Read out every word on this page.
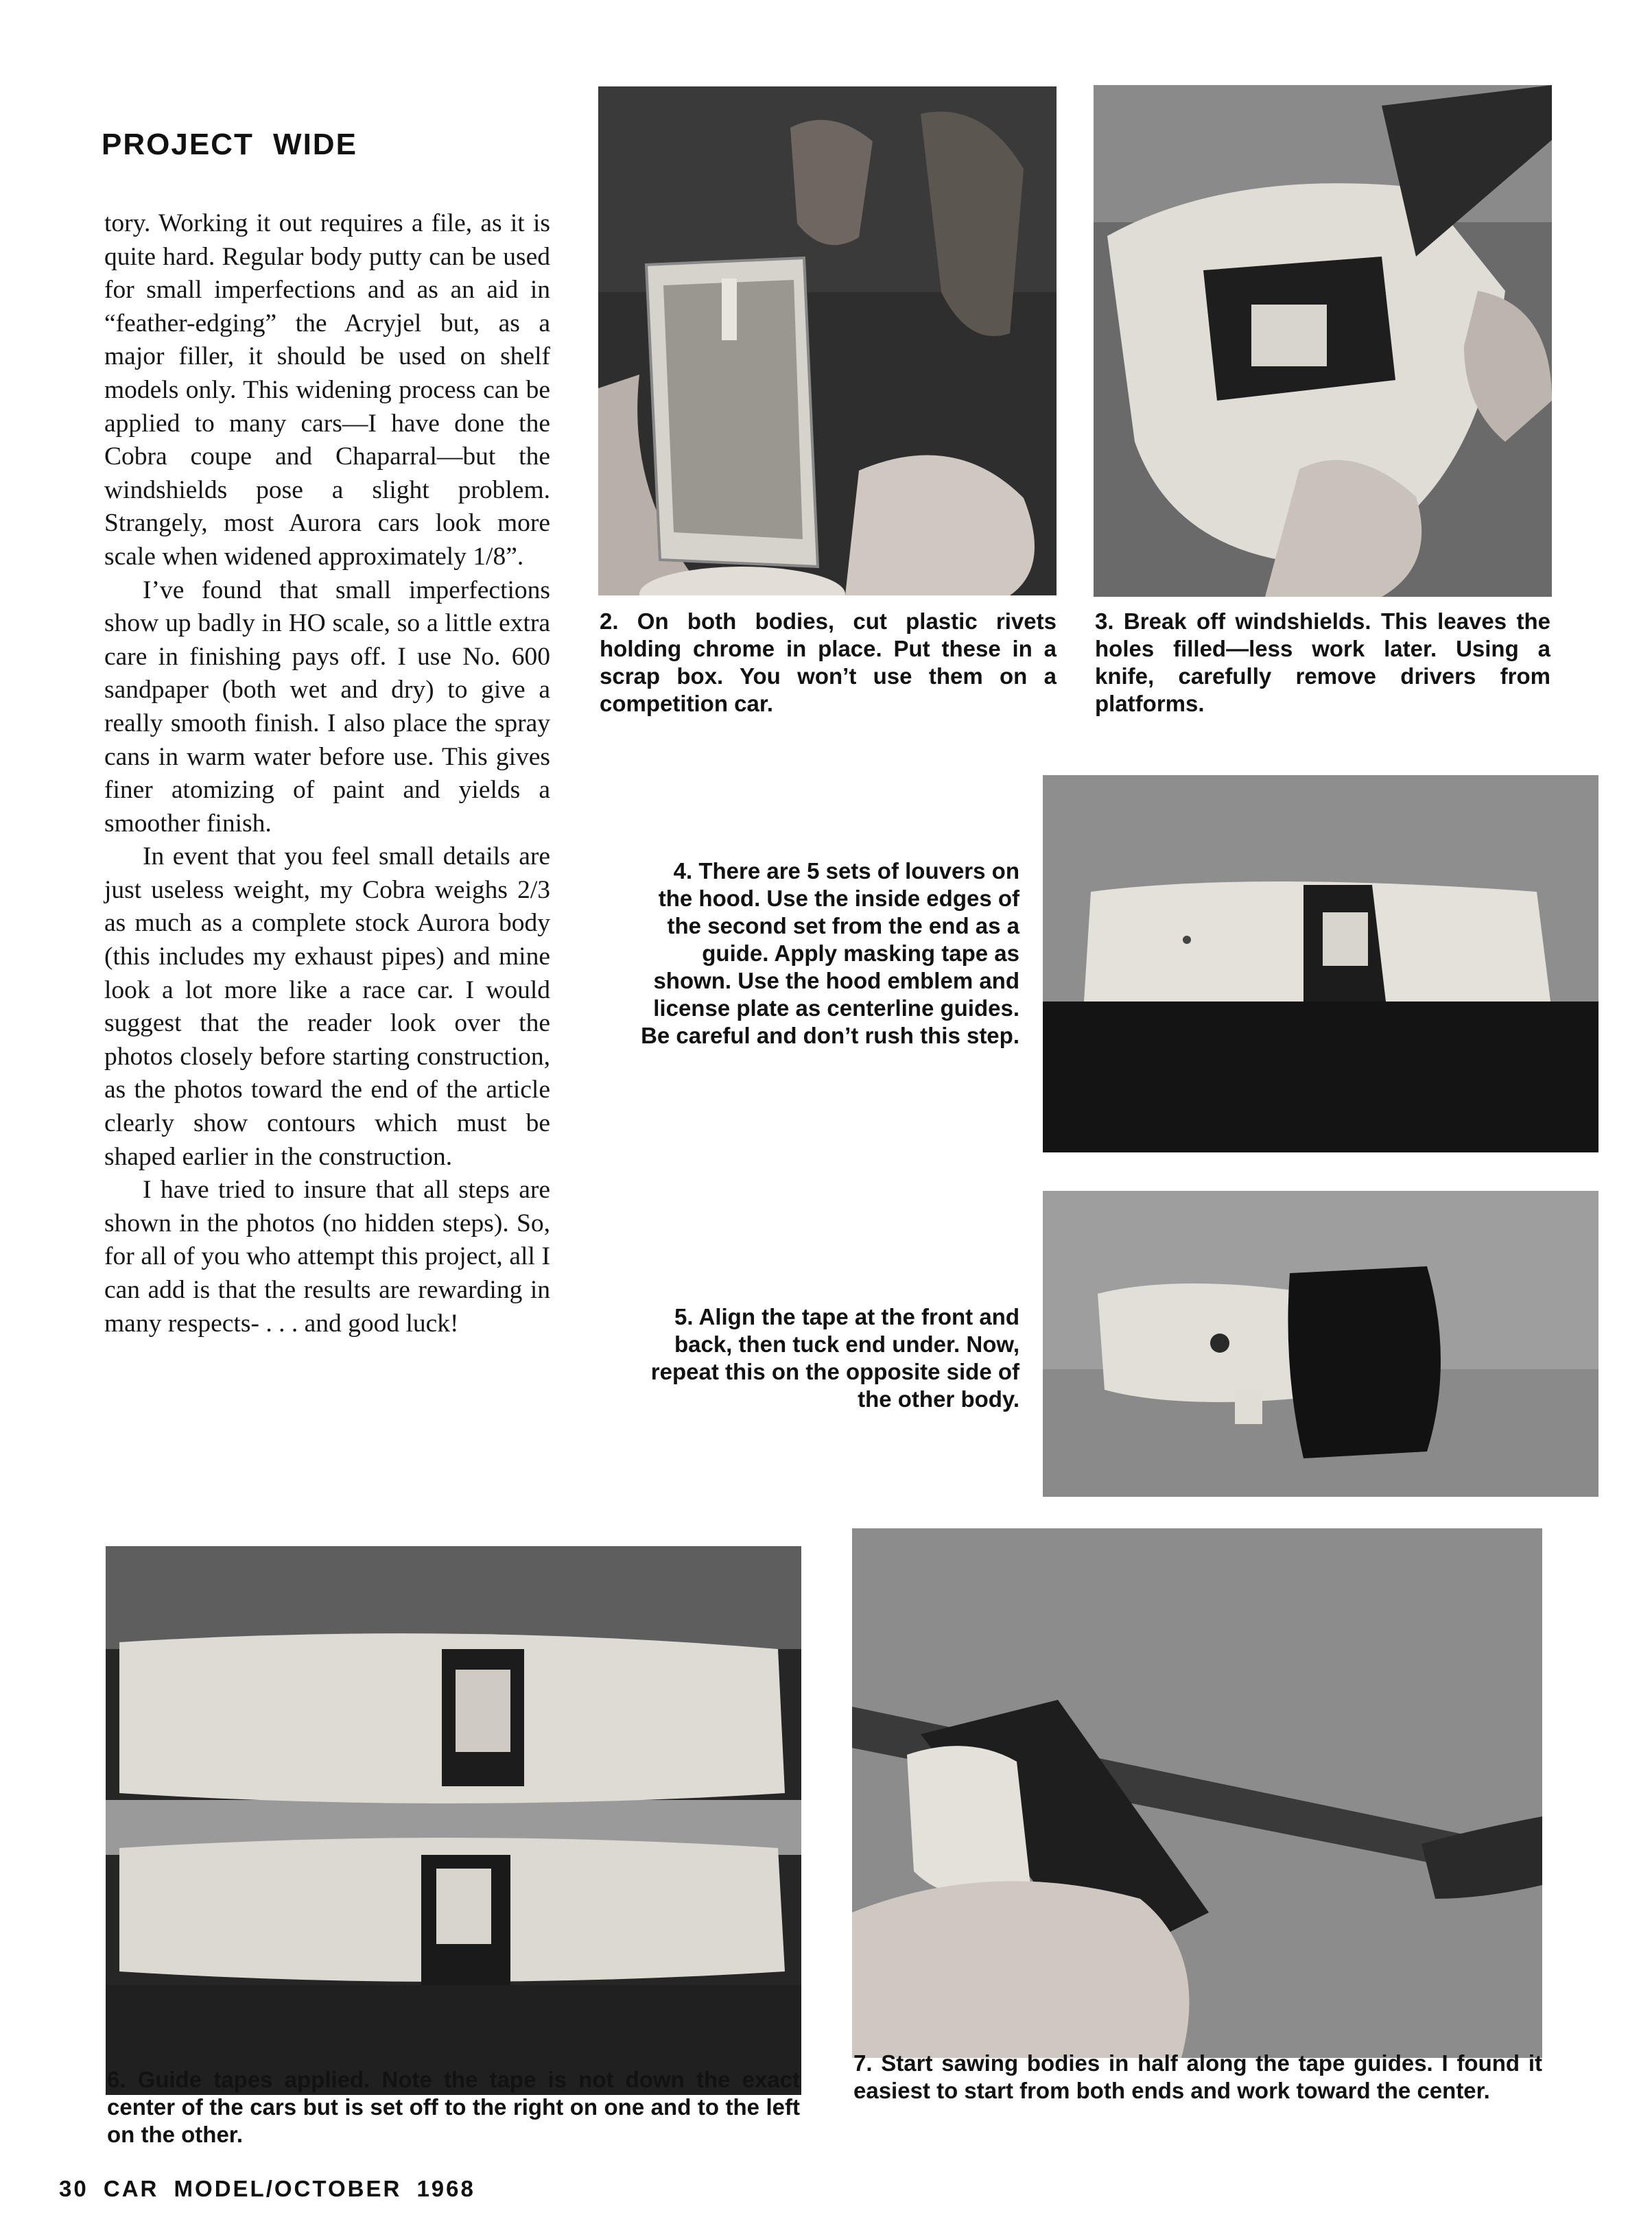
PROJECT WIDE

tory. Working it out requires a file, as it is quite hard. Regular body putty can be used for small imperfections and as an aid in “feather-edging” the Acryjel but, as a major filler, it should be used on shelf models only. This widening process can be applied to many cars—I have done the Cobra coupe and Chaparral—but the windshields pose a slight problem. Strangely, most Aurora cars look more scale when widened approximately 1/8”.

I’ve found that small imperfections show up badly in HO scale, so a little extra care in finishing pays off. I use No. 600 sandpaper (both wet and dry) to give a really smooth finish. I also place the spray cans in warm water before use. This gives finer atomizing of paint and yields a smoother finish.

In event that you feel small details are just useless weight, my Cobra weighs 2/3 as much as a complete stock Aurora body (this includes my exhaust pipes) and mine look a lot more like a race car. I would suggest that the reader look over the photos closely before starting construction, as the photos toward the end of the article clearly show contours which must be shaped earlier in the construction.

I have tried to insure that all steps are shown in the photos (no hidden steps). So, for all of you who attempt this project, all I can add is that the results are rewarding in many respects- . . . and good luck!

2. On both bodies, cut plastic rivets holding chrome in place. Put these in a scrap box. You won’t use them on a competition car.
3. Break off windshields. This leaves the holes filled—less work later. Using a knife, carefully remove drivers from platforms.
4. There are 5 sets of louvers on the hood. Use the inside edges of the second set from the end as a guide. Apply masking tape as shown. Use the hood emblem and license plate as centerline guides. Be careful and don’t rush this step.
5. Align the tape at the front and back, then tuck end under. Now, repeat this on the opposite side of the other body.
6. Guide tapes applied. Note the tape is not down the exact center of the cars but is set off to the right on one and to the left on the other.
7. Start sawing bodies in half along the tape guides. I found it easiest to start from both ends and work toward the center.
30 CAR MODEL/OCTOBER 1968
